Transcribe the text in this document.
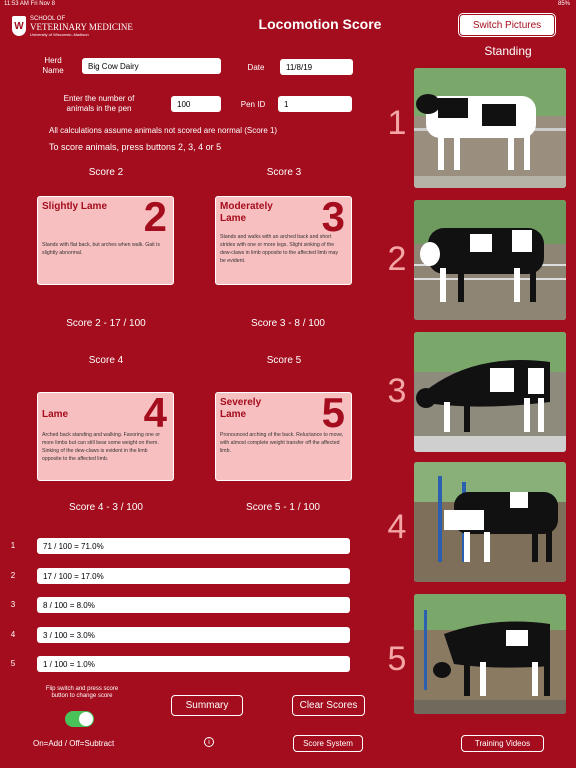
11:53 AM Fri Nov 8	85%
W
SCHOOL OF
VETERINARY MEDICINE
University of Wisconsin–Madison
Locomotion Score	Switch Pictures
Standing
Herd Name	Big Cow Dairy	Date	11/8/19
Enter the number of animals in the pen	100	Pen ID	1
All calculations assume animals not scored are normal (Score 1)
To score animals, press buttons 2, 3, 4 or 5
Score 2	Score 3
Slightly Lame 2
Stands with flat back, but arches when walk. Gait is slightly abnormal.
Moderately Lame	3
Stands and walks with an arched back and short strides with one or more legs. Slight sinking of the dew-claws in limb opposite to the affected limb may be evident.
Score 2 - 17 / 100	Score 3 - 8 / 100
Score 4	Score 5
Lame	4
Arched back standing and walking. Favoring one or more limbs but can still bear some weight on them. Sinking of the dew-claws is evident in the limb opposite to the affected limb.
Severely Lame	5
Pronounced arching of the back. Reluctance to move, with almost complete weight transfer off the affected limb.
Score 4 - 3 / 100	Score 5 - 1 / 100
1	71 / 100 = 71.0%
2	17 / 100 = 17.0%
3	8 / 100 = 8.0%
4	3 / 100 = 3.0%
5	1 / 100 = 1.0%
Flip switch and press score button to change score
On=Add / Off=Subtract
Summary	Clear Scores
i	Score System	Training Videos
1
2
3
4
5
